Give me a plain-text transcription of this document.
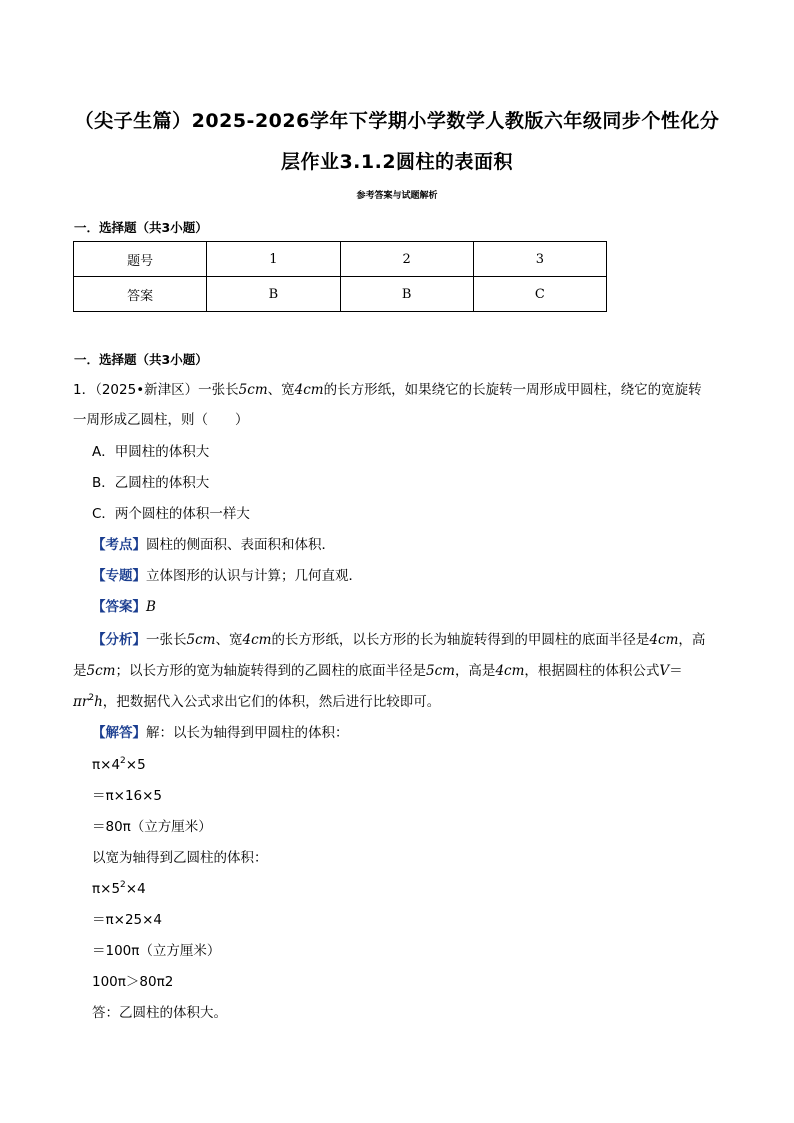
（尖子生篇）2025-2026学年下学期小学数学人教版六年级同步个性化分
层作业3.1.2圆柱的表面积
参考答案与试题解析
一．选择题（共3小题）
题号	1	2	3
答案	B	B	C
一．选择题（共3小题）
1．（2025•新津区）一张长5cm、宽4cm的长方形纸，如果绕它的长旋转一周形成甲圆柱，绕它的宽旋转
一周形成乙圆柱，则（　　）
A．甲圆柱的体积大
B．乙圆柱的体积大
C．两个圆柱的体积一样大
【考点】圆柱的侧面积、表面积和体积．
【专题】立体图形的认识与计算；几何直观．
【答案】B
【分析】一张长5cm、宽4cm的长方形纸，以长方形的长为轴旋转得到的甲圆柱的底面半径是4cm，高
是5cm；以长方形的宽为轴旋转得到的乙圆柱的底面半径是5cm，高是4cm，根据圆柱的体积公式V＝
$\pi r^2h$，把数据代入公式求出它们的体积，然后进行比较即可。
【解答】解：以长为轴得到甲圆柱的体积：
$\pi\times 4^2\times 5$
＝π×16×5
＝80π（立方厘米）
以宽为轴得到乙圆柱的体积：
$\pi\times 5^2\times 4$
＝π×25×4
＝100π（立方厘米）
100π＞80π2
答：乙圆柱的体积大。
